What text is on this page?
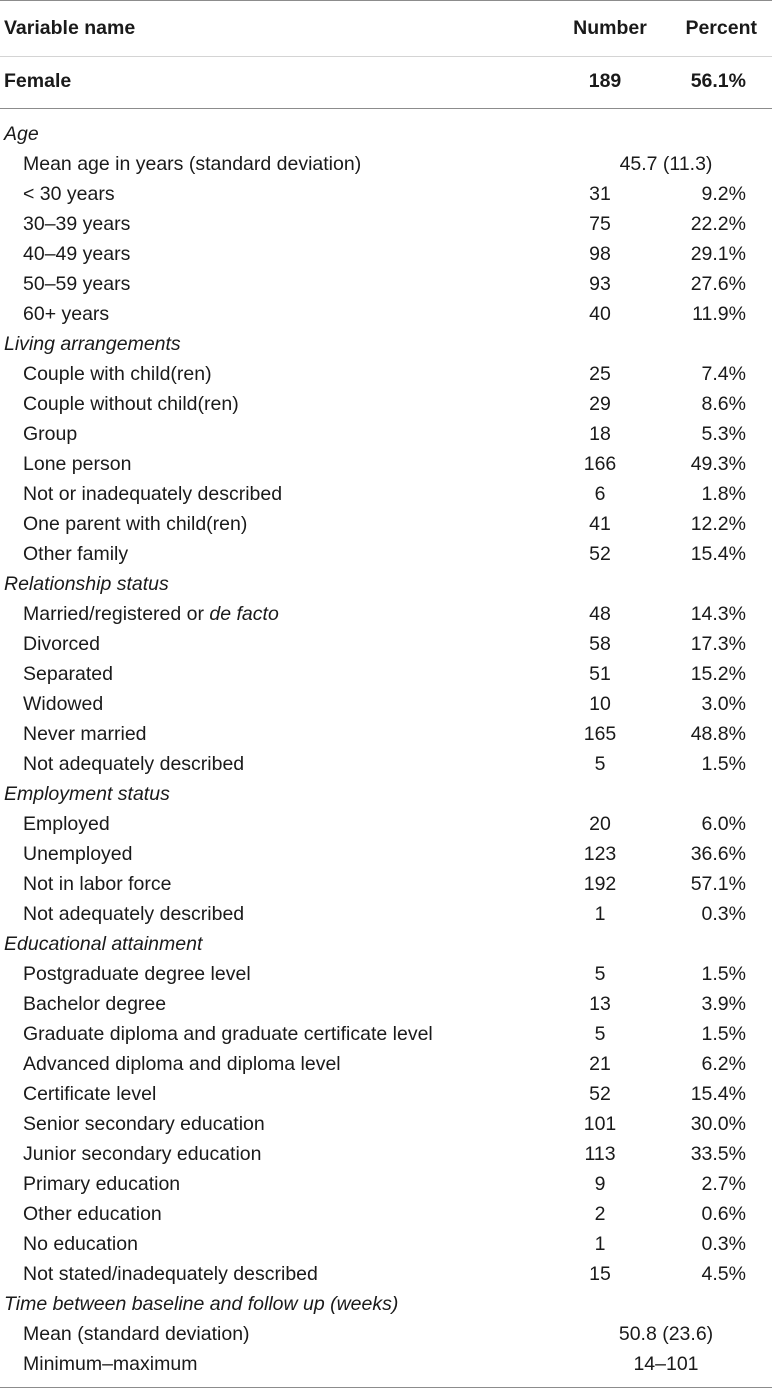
Variable name	Number	Percent
Female	189	56.1%
Age
Mean age in years (standard deviation)	45.7 (11.3)
< 30 years	31	9.2%
30–39 years	75	22.2%
40–49 years	98	29.1%
50–59 years	93	27.6%
60+ years	40	11.9%
Living arrangements
Couple with child(ren)	25	7.4%
Couple without child(ren)	29	8.6%
Group	18	5.3%
Lone person	166	49.3%
Not or inadequately described	6	1.8%
One parent with child(ren)	41	12.2%
Other family	52	15.4%
Relationship status
Married/registered or de facto	48	14.3%
Divorced	58	17.3%
Separated	51	15.2%
Widowed	10	3.0%
Never married	165	48.8%
Not adequately described	5	1.5%
Employment status
Employed	20	6.0%
Unemployed	123	36.6%
Not in labor force	192	57.1%
Not adequately described	1	0.3%
Educational attainment
Postgraduate degree level	5	1.5%
Bachelor degree	13	3.9%
Graduate diploma and graduate certificate level	5	1.5%
Advanced diploma and diploma level	21	6.2%
Certificate level	52	15.4%
Senior secondary education	101	30.0%
Junior secondary education	113	33.5%
Primary education	9	2.7%
Other education	2	0.6%
No education	1	0.3%
Not stated/inadequately described	15	4.5%
Time between baseline and follow up (weeks)
Mean (standard deviation)	50.8 (23.6)
Minimum–maximum	14–101
